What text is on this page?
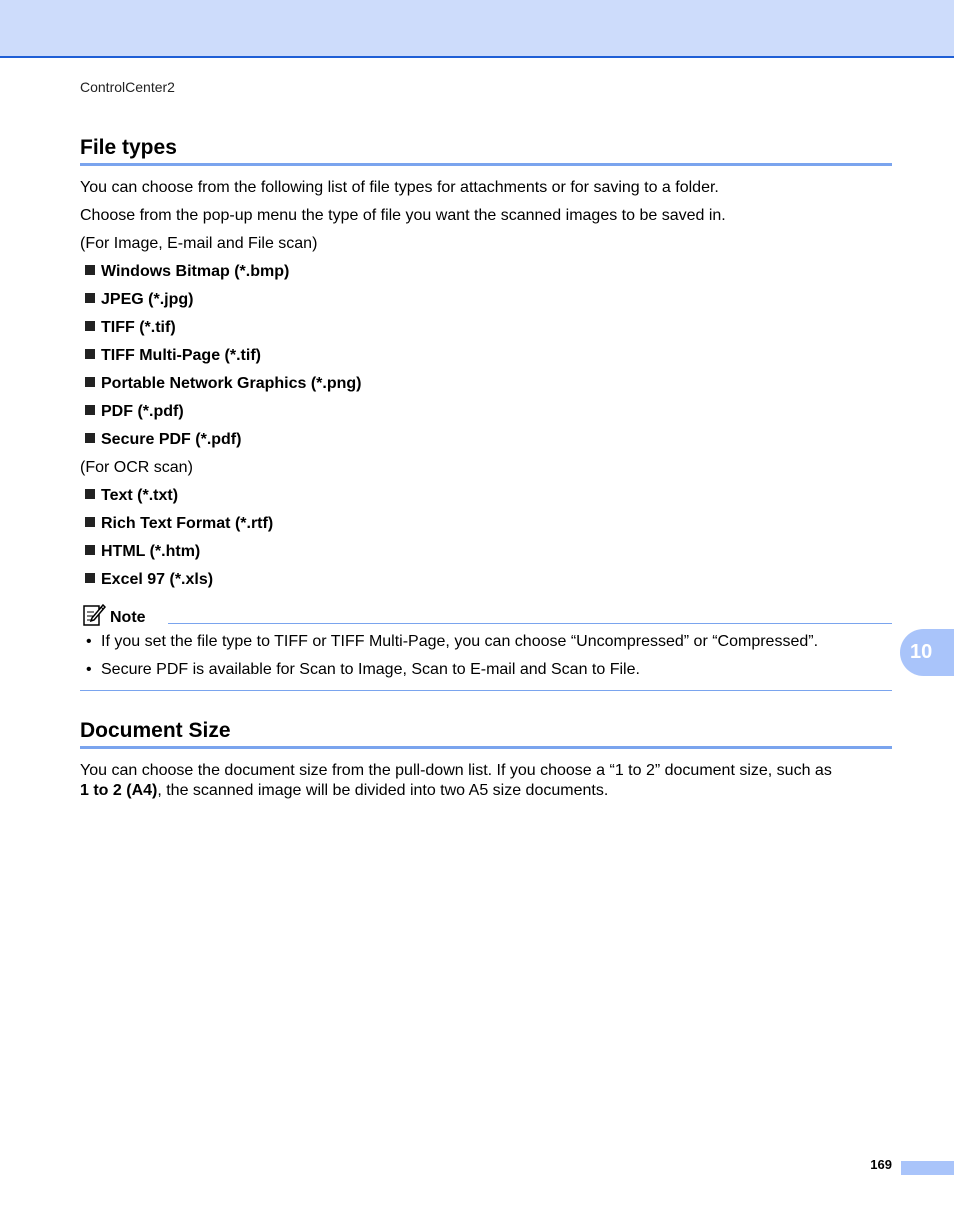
ControlCenter2
File types

You can choose from the following list of file types for attachments or for saving to a folder.

Choose from the pop-up menu the type of file you want the scanned images to be saved in.

(For Image, E-mail and File scan)

Windows Bitmap (*.bmp)
JPEG (*.jpg)
TIFF (*.tif)
TIFF Multi-Page (*.tif)
Portable Network Graphics (*.png)
PDF (*.pdf)
Secure PDF (*.pdf)

(For OCR scan)

Text (*.txt)
Rich Text Format (*.rtf)
HTML (*.htm)
Excel 97 (*.xls)
Note
• If you set the file type to TIFF or TIFF Multi-Page, you can choose “Uncompressed” or “Compressed”.
• Secure PDF is available for Scan to Image, Scan to E-mail and Scan to File.
Document Size

You can choose the document size from the pull-down list. If you choose a “1 to 2” document size, such as

1 to 2 (A4), the scanned image will be divided into two A5 size documents.

10
169
